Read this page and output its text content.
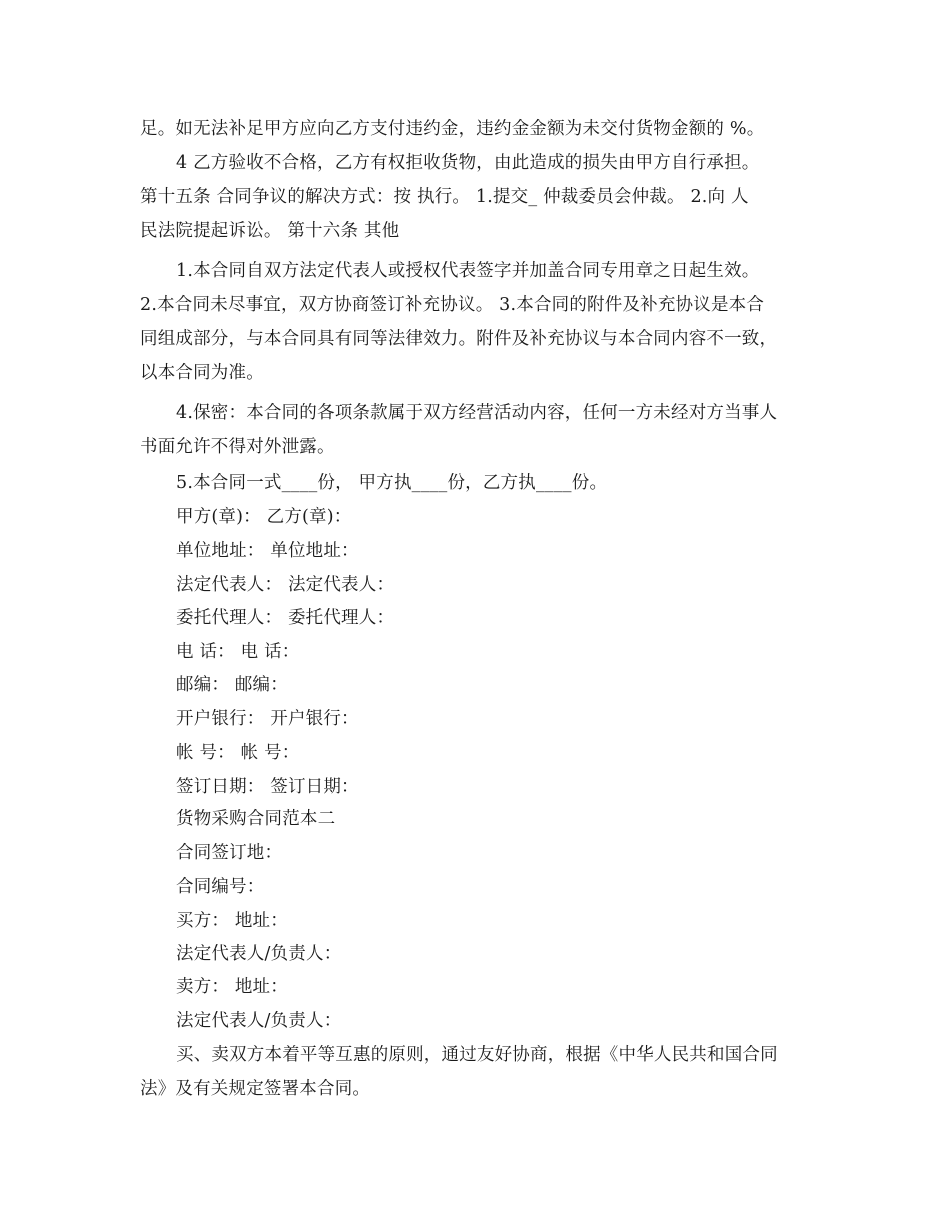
足。如无法补足甲方应向乙方支付违约金，违约金金额为未交付货物金额的 %。
4 乙方验收不合格，乙方有权拒收货物，由此造成的损失由甲方自行承担。
第十五条 合同争议的解决方式：按 执行。 1.提交_ 仲裁委员会仲裁。 2.向 人
民法院提起诉讼。 第十六条 其他
1.本合同自双方法定代表人或授权代表签字并加盖合同专用章之日起生效。
2.本合同未尽事宜，双方协商签订补充协议。 3.本合同的附件及补充协议是本合
同组成部分，与本合同具有同等法律效力。附件及补充协议与本合同内容不一致，
以本合同为准。
4.保密：本合同的各项条款属于双方经营活动内容，任何一方未经对方当事人
书面允许不得对外泄露。
5.本合同一式____份， 甲方执____份，乙方执____份。
甲方(章)： 乙方(章)：
单位地址： 单位地址：
法定代表人： 法定代表人：
委托代理人： 委托代理人：
电 话： 电 话：
邮编： 邮编：
开户银行： 开户银行：
帐 号： 帐 号：
签订日期： 签订日期：
货物采购合同范本二
合同签订地：
合同编号：
买方： 地址：
法定代表人/负责人：
卖方： 地址：
法定代表人/负责人：
买、卖双方本着平等互惠的原则，通过友好协商，根据《中华人民共和国合同
法》及有关规定签署本合同。
